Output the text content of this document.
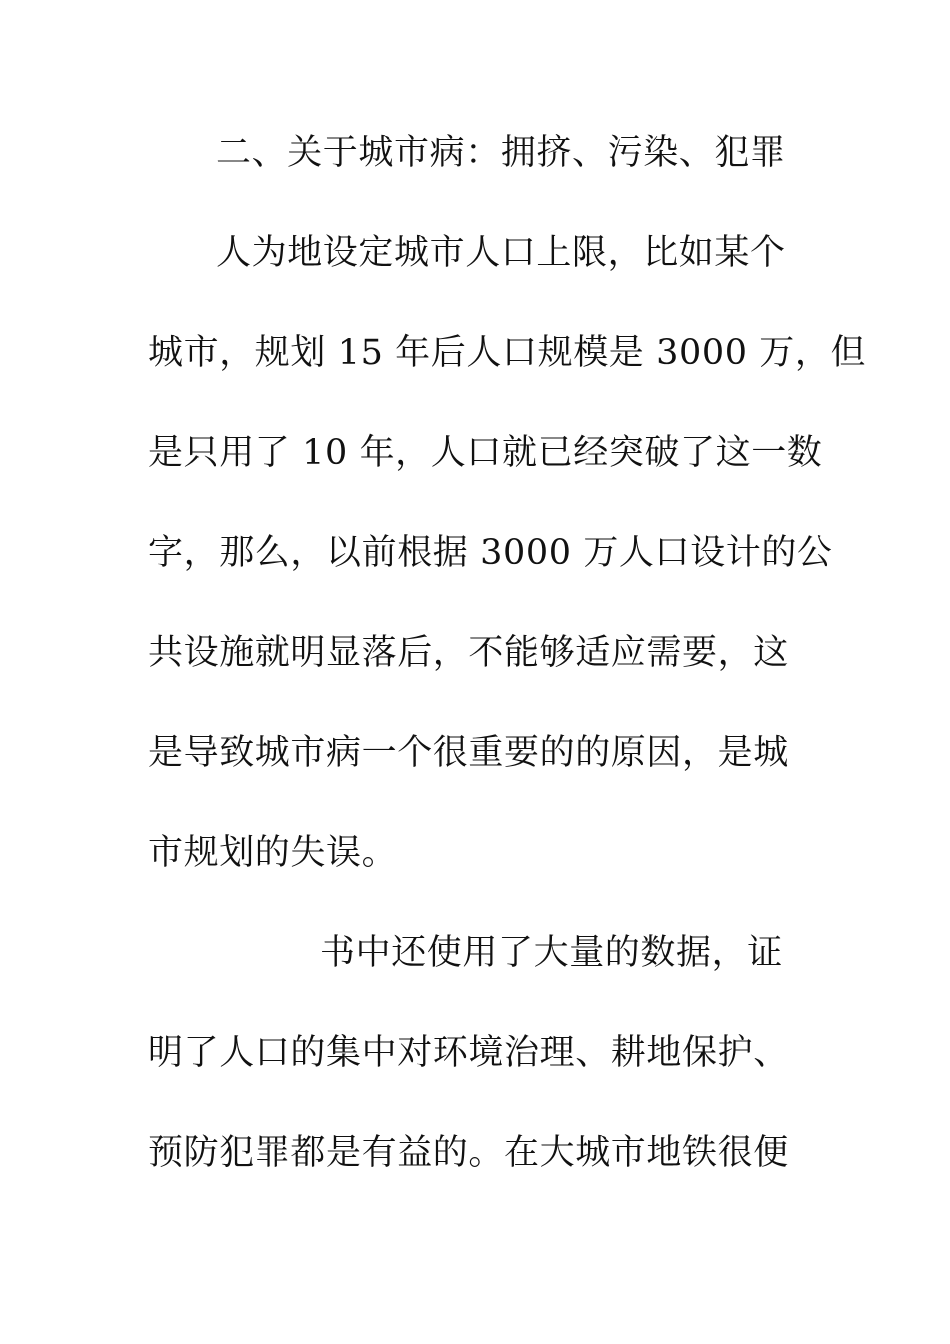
二、关于城市病：拥挤、污染、犯罪
人为地设定城市人口上限，比如某个
城市，规划 15 年后人口规模是 3000 万，但
是只用了 10 年，人口就已经突破了这一数
字，那么，以前根据 3000 万人口设计的公
共设施就明显落后，不能够适应需要，这
是导致城市病一个很重要的的原因，是城
市规划的失误。
书中还使用了大量的数据，证
明了人口的集中对环境治理、耕地保护、
预防犯罪都是有益的。在大城市地铁很便
